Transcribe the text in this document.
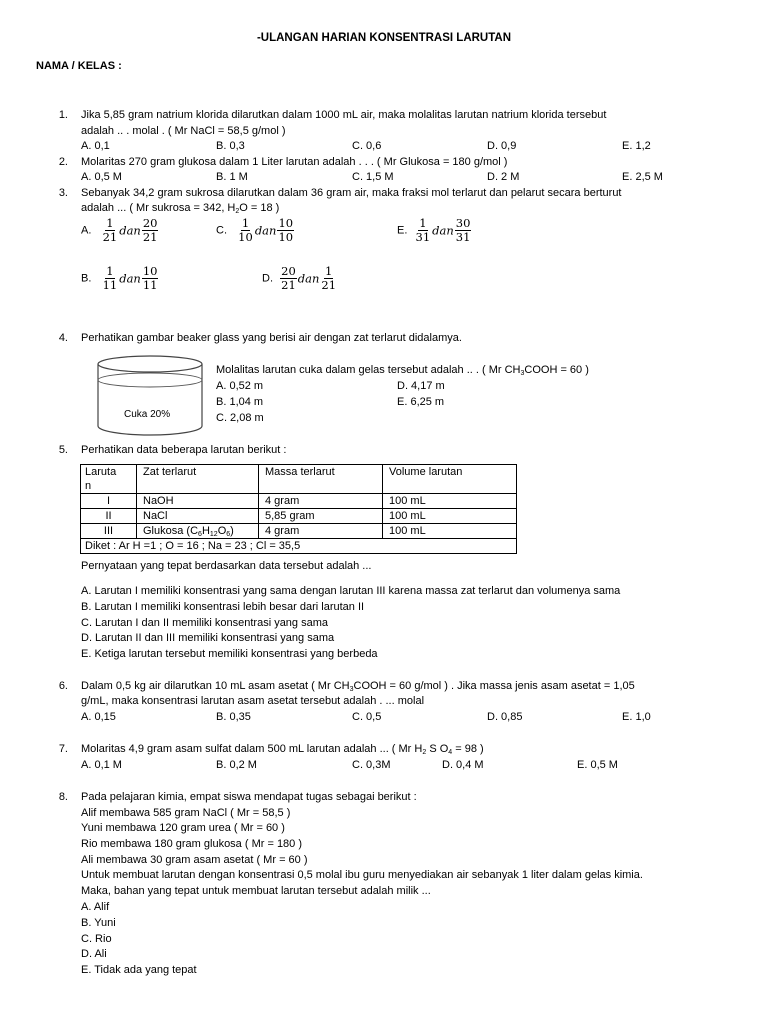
-ULANGAN HARIAN KONSENTRASI LARUTAN
NAMA / KELAS :
1. Jika 5,85 gram natrium klorida dilarutkan dalam 1000 mL air, maka molalitas larutan natrium klorida tersebut
adalah .. . molal . ( Mr NaCl = 58,5 g/mol )
A. 0,1	B. 0,3	C. 0,6	D. 0,9	E. 1,2
2. Molaritas 270 gram glukosa dalam 1 Liter larutan adalah . . . ( Mr Glukosa = 180 g/mol )
A. 0,5 M	B. 1 M	C. 1,5 M	D. 2 M	E. 2,5 M
3. Sebanyak 34,2 gram sukrosa dilarutkan dalam 36 gram air, maka fraksi mol terlarut dan pelarut secara berturut
adalah ... ( Mr sukrosa = 342, $H_2O = 18$ )
A. $\frac{1}{21}$ dan $\frac{20}{21}$	C. $\frac{1}{10}$ dan $\frac{10}{10}$	E. $\frac{1}{31}$ dan $\frac{30}{31}$
B. $\frac{1}{11}$ dan $\frac{10}{11}$	D. $\frac{20}{21}$ dan $\frac{1}{21}$
4. Perhatikan gambar beaker glass yang berisi air dengan zat terlarut didalamya.
Cuka 20%
Molalitas larutan cuka dalam gelas tersebut adalah .. . ( Mr $CH_3COOH = 60$ )
A. 0,52 m
B. 1,04 m
C. 2,08 m
D. 4,17 m
E. 6,25 m
5. Perhatikan data beberapa larutan berikut :
Laruta
n	Zat terlarut	Massa terlarut	Volume larutan
I	NaOH	4 gram	100 mL
II	NaCl	5,85 gram	100 mL
III	Glukosa $(C_6H_{12}O_6)$	4 gram	100 mL
Diket : Ar H =1 ; O = 16 ; Na = 23 ; Cl = 35,5			
Pernyataan yang tepat berdasarkan data tersebut adalah ...
A. Larutan I memiliki konsentrasi yang sama dengan larutan III karena massa zat terlarut dan volumenya sama
B. Larutan I memiliki konsentrasi lebih besar dari larutan II
C. Larutan I dan II memiliki konsentrasi yang sama
D. Larutan II dan III memiliki konsentrasi yang sama
E. Ketiga larutan tersebut memiliki konsentrasi yang berbeda
6. Dalam 0,5 kg air dilarutkan 10 mL asam asetat ( Mr $CH_3COOH = 60$ g/mol ) . Jika massa jenis asam asetat = 1,05
g/mL, maka konsentrasi larutan asam asetat tersebut adalah . ... molal
A. 0,15	B. 0,35	C. 0,5	D. 0,85	E. 1,0
7. Molaritas 4,9 gram asam sulfat dalam 500 mL larutan adalah ... ( Mr $H_2$ S $O_4 = 98$ )
A. 0,1 M	B. 0,2 M	C. 0,3M	D. 0,4 M	E. 0,5 M
8. Pada pelajaran kimia, empat siswa mendapat tugas sebagai berikut :
Alif membawa 585 gram NaCl ( Mr = 58,5 )
Yuni membawa 120 gram urea ( Mr = 60 )
Rio membawa 180 gram glukosa ( Mr = 180 )
Ali membawa 30 gram asam asetat ( Mr = 60 )
Untuk membuat larutan dengan konsentrasi 0,5 molal ibu guru menyediakan air sebanyak 1 liter dalam gelas kimia.
Maka, bahan yang tepat untuk membuat larutan tersebut adalah milik ...
A. Alif
B. Yuni
C. Rio
D. Ali
E. Tidak ada yang tepat
